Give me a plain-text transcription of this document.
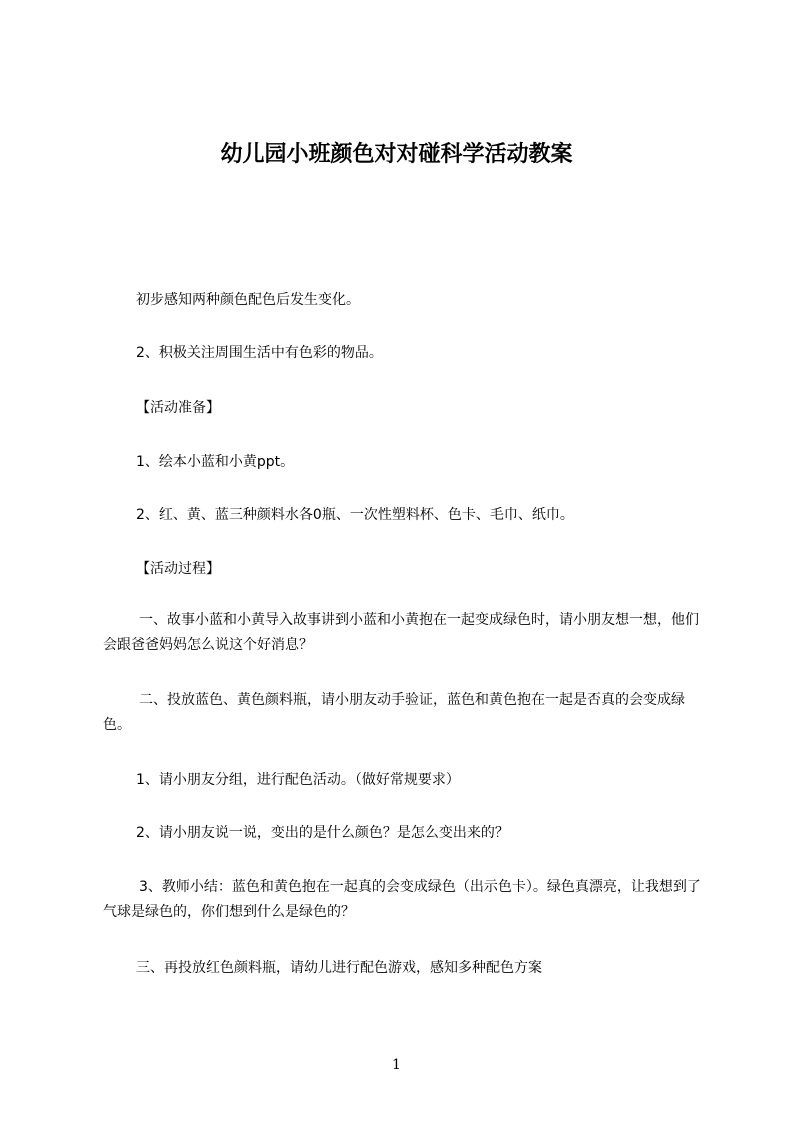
幼儿园小班颜色对对碰科学活动教案
初步感知两种颜色配色后发生变化。
2、积极关注周围生活中有色彩的物品。
【活动准备】
1、绘本小蓝和小黄ppt。
2、红、黄、蓝三种颜料水各0瓶、一次性塑料杯、色卡、毛巾、纸巾。
【活动过程】
一、故事小蓝和小黄导入故事讲到小蓝和小黄抱在一起变成绿色时，请小朋友想一想，他们会跟爸爸妈妈怎么说这个好消息？
二、投放蓝色、黄色颜料瓶，请小朋友动手验证，蓝色和黄色抱在一起是否真的会变成绿色。
1、请小朋友分组，进行配色活动。（做好常规要求）
2、请小朋友说一说，变出的是什么颜色？是怎么变出来的？
3、教师小结：蓝色和黄色抱在一起真的会变成绿色（出示色卡）。绿色真漂亮，让我想到了气球是绿色的，你们想到什么是绿色的？
三、再投放红色颜料瓶，请幼儿进行配色游戏，感知多种配色方案
1
